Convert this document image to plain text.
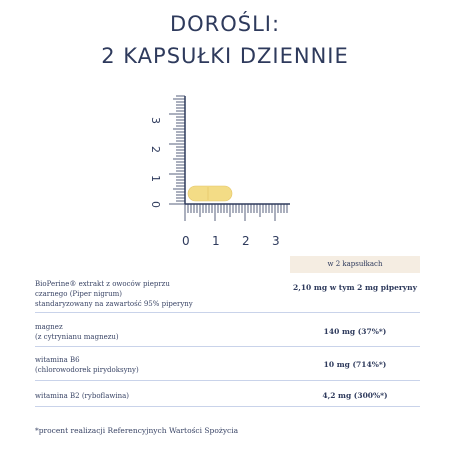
DOROŚLI:
2 KAPSUŁKI DZIENNIE
3
2
1
0
0 1 2 3
w 2 kapsułkach
BioPerine® extrakt z owoców pieprzu
czarnego (Piper nigrum)
standaryzowany na zawartość 95% piperyny
2,10 mg w tym 2 mg piperyny
magnez
(z cytrynianu magnezu)
140 mg (37%*)
witamina B6
(chlorowodorek pirydoksyny)
10 mg (714%*)
witamina B2 (ryboflawina)	4,2 mg (300%*)
*procent realizacji Referencyjnych Wartości Spożycia
